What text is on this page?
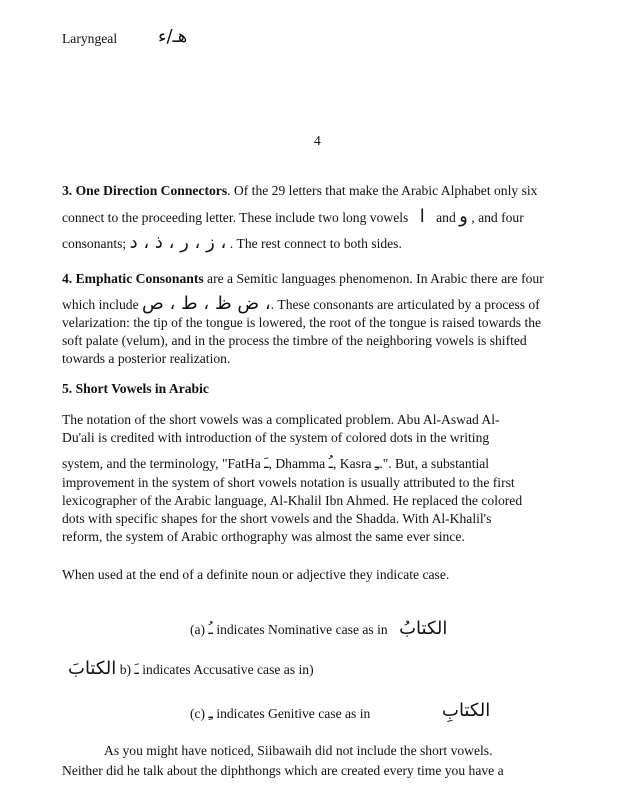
Laryngeal هـ/ء
4
3. One Direction Connectors. Of the 29 letters that make the Arabic Alphabet only six
connect to the proceeding letter. These include two long vowels ا and و , and four
consonants; ز ، ر ، ذ ، د ، . The rest connect to both sides.
4. Emphatic Consonants are a Semitic languages phenomenon. In Arabic there are four
which include ض ظ ، ط ، ص ،. These consonants are articulated by a process of
velarization: the tip of the tongue is lowered, the root of the tongue is raised towards the
soft palate (velum), and in the process the timbre of the neighboring vowels is shifted
towards a posterior realization.
5. Short Vowels in Arabic
The notation of the short vowels was a complicated problem. Abu Al-Aswad Al-
Du'ali is credited with introduction of the system of colored dots in the writing
system, and the terminology, "FatHa ـَ, Dhamma ـُ, Kasra ـِ.". But, a substantial
improvement in the system of short vowels notation is usually attributed to the first
lexicographer of the Arabic language, Al-Khalil Ibn Ahmed. He replaced the colored
dots with specific shapes for the short vowels and the Shadda. With Al-Khalil's
reform, the system of Arabic orthography was almost the same ever since.
When used at the end of a definite noun or adjective they indicate case.
(a) ـُ indicates Nominative case as in الكتابُ
الكتابَ b) ـَ indicates Accusative case as in)
(c) ـِ indicates Genitive case as in	الكتابِ
As you might have noticed, Siibawaih did not include the short vowels.
Neither did he talk about the diphthongs which are created every time you have a
